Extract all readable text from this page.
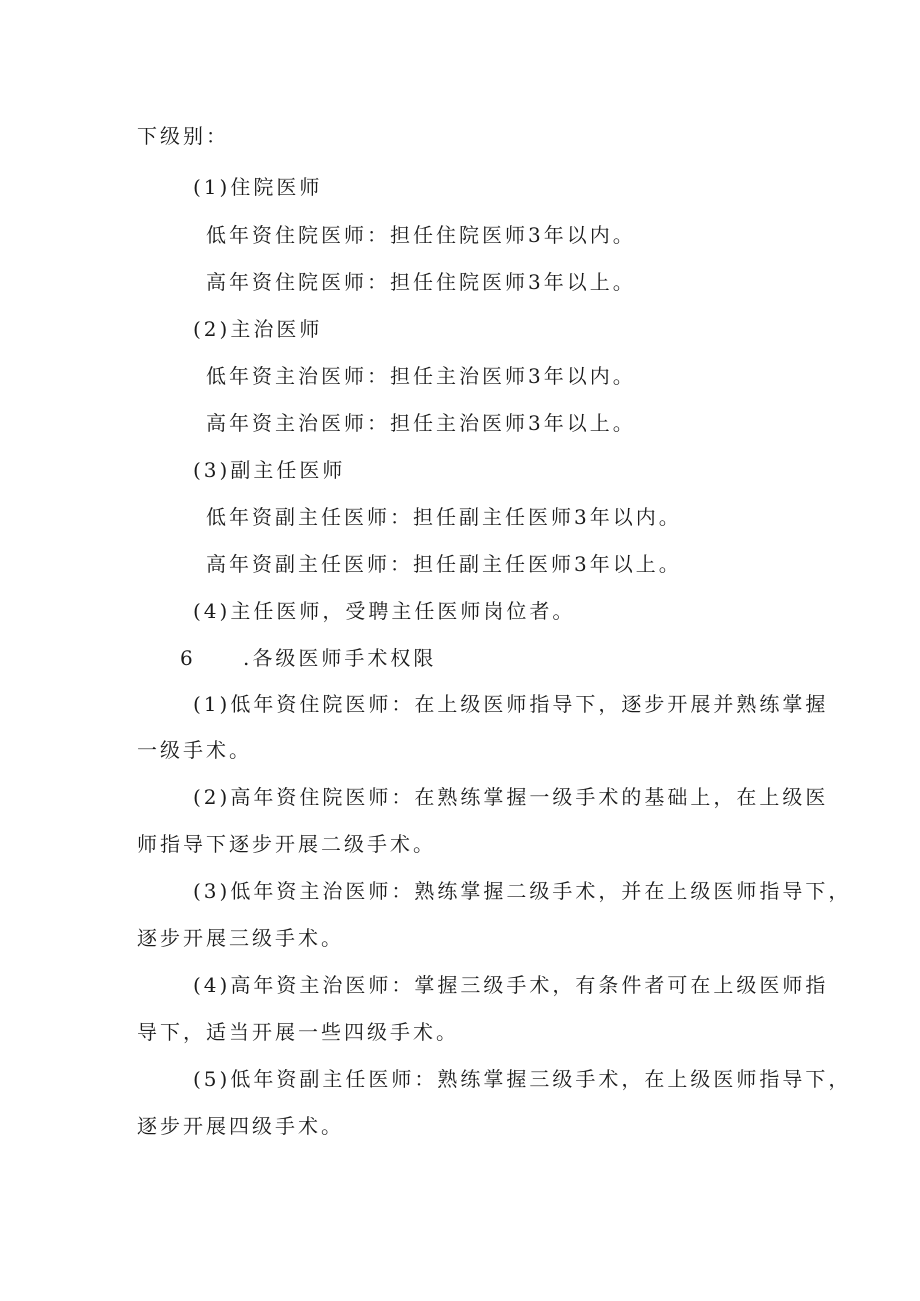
下级别：
(1)住院医师
低年资住院医师：担任住院医师3年以内。
高年资住院医师：担任住院医师3年以上。
(2)主治医师
低年资主治医师：担任主治医师3年以内。
高年资主治医师：担任主治医师3年以上。
(3)副主任医师
低年资副主任医师：担任副主任医师3年以内。
高年资副主任医师：担任副主任医师3年以上。
(4)主任医师，受聘主任医师岗位者。
6	.各级医师手术权限
(1)低年资住院医师：在上级医师指导下，逐步开展并熟练掌握
一级手术。
(2)高年资住院医师：在熟练掌握一级手术的基础上，在上级医
师指导下逐步开展二级手术。
(3)低年资主治医师：熟练掌握二级手术，并在上级医师指导下，
逐步开展三级手术。
(4)高年资主治医师：掌握三级手术，有条件者可在上级医师指
导下，适当开展一些四级手术。
(5)低年资副主任医师：熟练掌握三级手术，在上级医师指导下，
逐步开展四级手术。
